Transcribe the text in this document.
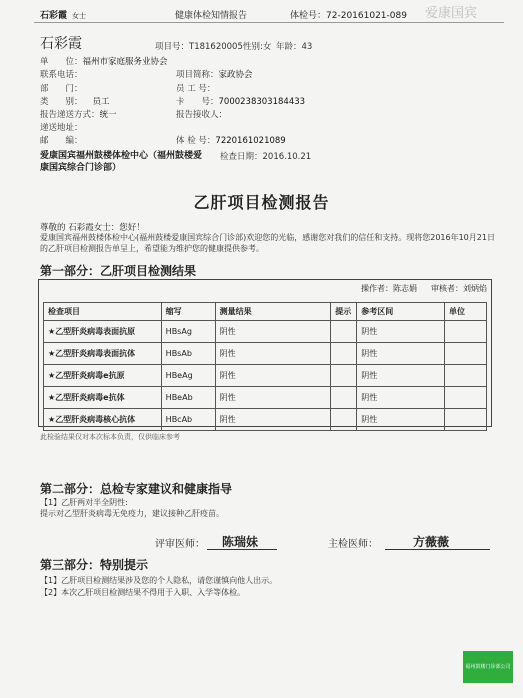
石彩霞 女士	健康体检知情报告	体检号：72-20161021-089 爱康国宾
石彩霞	项目号：T181620005 性别:女 年龄：43
单　　位：福州市家庭服务业协会
联系电话：
部　　门：
类　　别： 员工
报告递送方式：统一
递送地址：
邮　　编：
项目简称：家政协会
员 工 号：
卡　　号：7000238303184433
报告接收人：
体 检 号：7220161021089
爱康国宾福州鼓楼体检中心（福州鼓楼爱康国宾综合门诊部）
检查日期：2016.10.21
乙肝项目检测报告
尊敬的 石彩霞女士：您好！
爱康国宾福州鼓楼体检中心(福州鼓楼爱康国宾综合门诊部)欢迎您的光临，感谢您对我们的信任和支持。现将您2016年10月21日的乙肝项目检测报告单呈上，希望能为维护您的健康提供参考。
第一部分：乙肝项目检测结果
操作者：陈志娟 审核者：刘炳焰
检查项目	缩写	测量结果	提示	参考区间	单位
★乙型肝炎病毒表面抗原	HBsAg	阴性		阴性	
★乙型肝炎病毒表面抗体	HBsAb	阴性		阴性	
★乙型肝炎病毒e抗原	HBeAg	阴性		阴性	
★乙型肝炎病毒e抗体	HBeAb	阴性		阴性	
★乙型肝炎病毒核心抗体	HBcAb	阴性		阴性	
此检验结果仅对本次标本负责，仅供临床参考
第二部分：总检专家建议和健康指导
【1】乙肝两对半全阴性:
提示对乙型肝炎病毒无免疫力，建议接种乙肝疫苗。
评审医师： 陈瑞妹	主检医师：	方薇薇
第三部分：特别提示
【1】乙肝项目检测结果涉及您的个人隐私，请您谨慎向他人出示。
【2】本次乙肝项目检测结果不得用于入职、入学等体检。
福州鼓楼门诊部公司
